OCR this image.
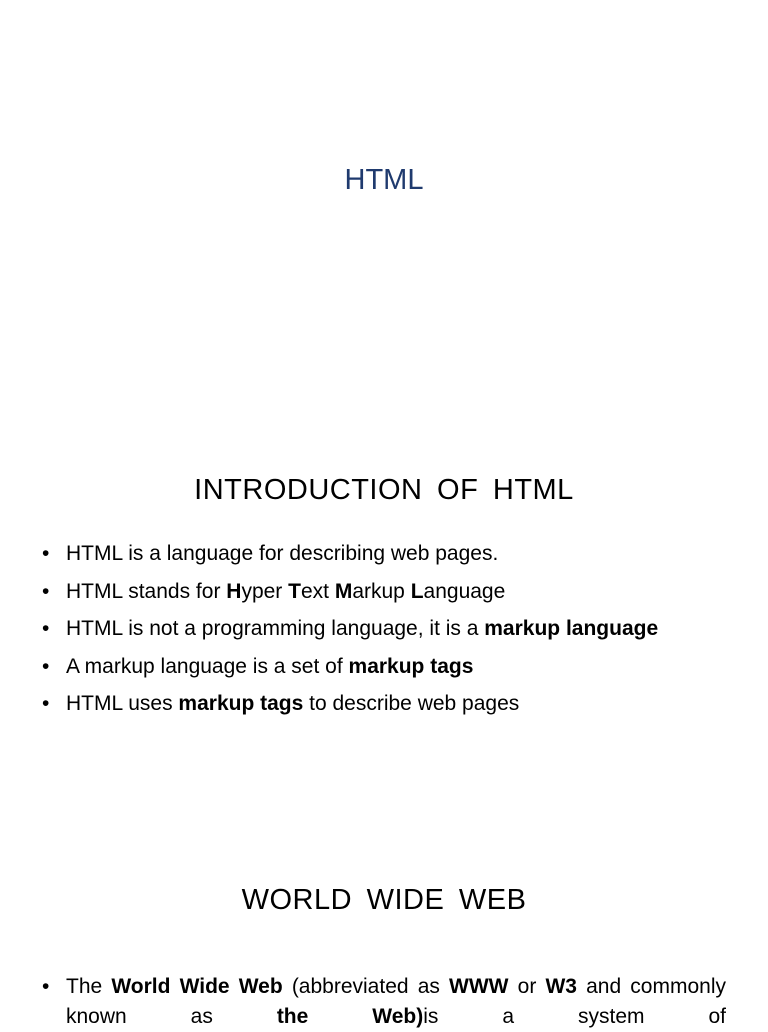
HTML
INTRODUCTION OF HTML
• HTML is a language for describing web pages.
• HTML stands for Hyper Text Markup Language
• HTML is not a programming language, it is a markup language
• A markup language is a set of markup tags
• HTML uses markup tags to describe web pages
WORLD WIDE WEB
• The World Wide Web (abbreviated as WWW or W3 and commonly known as the Web)is a system of
